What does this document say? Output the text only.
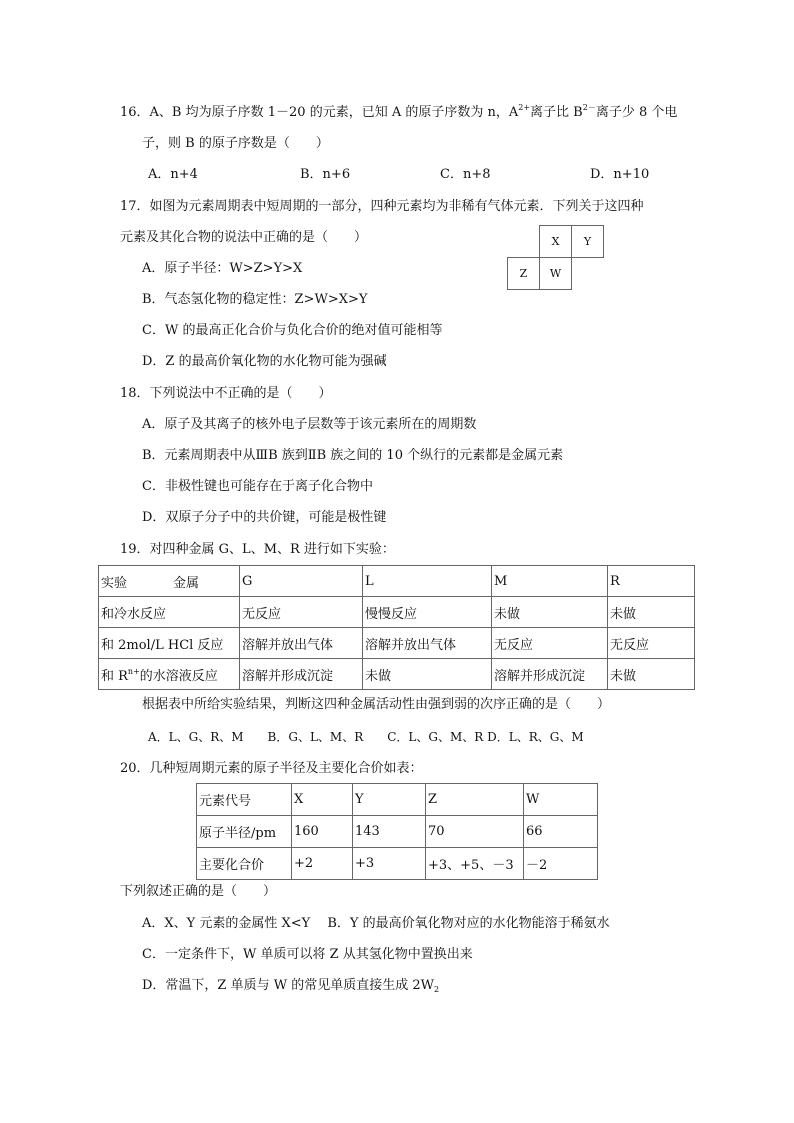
16．A、B 均为原子序数 1－20 的元素，已知 A 的原子序数为 n，$A^{2+}$离子比 $B^{2-}$离子少 8 个电
子，则 B 的原子序数是（　　）
A．n+4	B．n+6	C．n+8	D．n+10
17．如图为元素周期表中短周期的一部分，四种元素均为非稀有气体元素．下列关于这四种
元素及其化合物的说法中正确的是（　　）
A．原子半径：W>Z>Y>X
B．气态氢化物的稳定性：Z>W>X>Y
C．W 的最高正化合价与负化合价的绝对值可能相等
D．Z 的最高价氧化物的水化物可能为强碱
	X	Y
Z	W	
18．下列说法中不正确的是（　　）
A．原子及其离子的核外电子层数等于该元素所在的周期数
B．元素周期表中从ⅢB 族到ⅡB 族之间的 10 个纵行的元素都是金属元素
C．非极性键也可能存在于离子化合物中
D．双原子分子中的共价键，可能是极性键
19．对四种金属 G、L、M、R 进行如下实验：
实验 金属	G	L	M	R
和冷水反应	无反应	慢慢反应	未做	未做
和 2mol/L HCl 反应	溶解并放出气体	溶解并放出气体	无反应	无反应
和 $R^{n+}$的水溶液反应	溶解并形成沉淀	未做	溶解并形成沉淀	未做
根据表中所给实验结果，判断这四种金属活动性由强到弱的次序正确的是（　　）
A．L、G、R、M　　B．G、L、M、R　　C．L、G、M、R D．L、R、G、M
20．几种短周期元素的原子半径及主要化合价如表：
元素代号	X	Y	Z	W
原子半径/pm	160	143	70	66
主要化合价	+2	+3	+3、+5、－3	－2
下列叙述正确的是（　　）
A．X、Y 元素的金属性 X<Y　 B．Y 的最高价氧化物对应的水化物能溶于稀氨水
C．一定条件下，W 单质可以将 Z 从其氢化物中置换出来
D．常温下，Z 单质与 W 的常见单质直接生成 $2W_2$
